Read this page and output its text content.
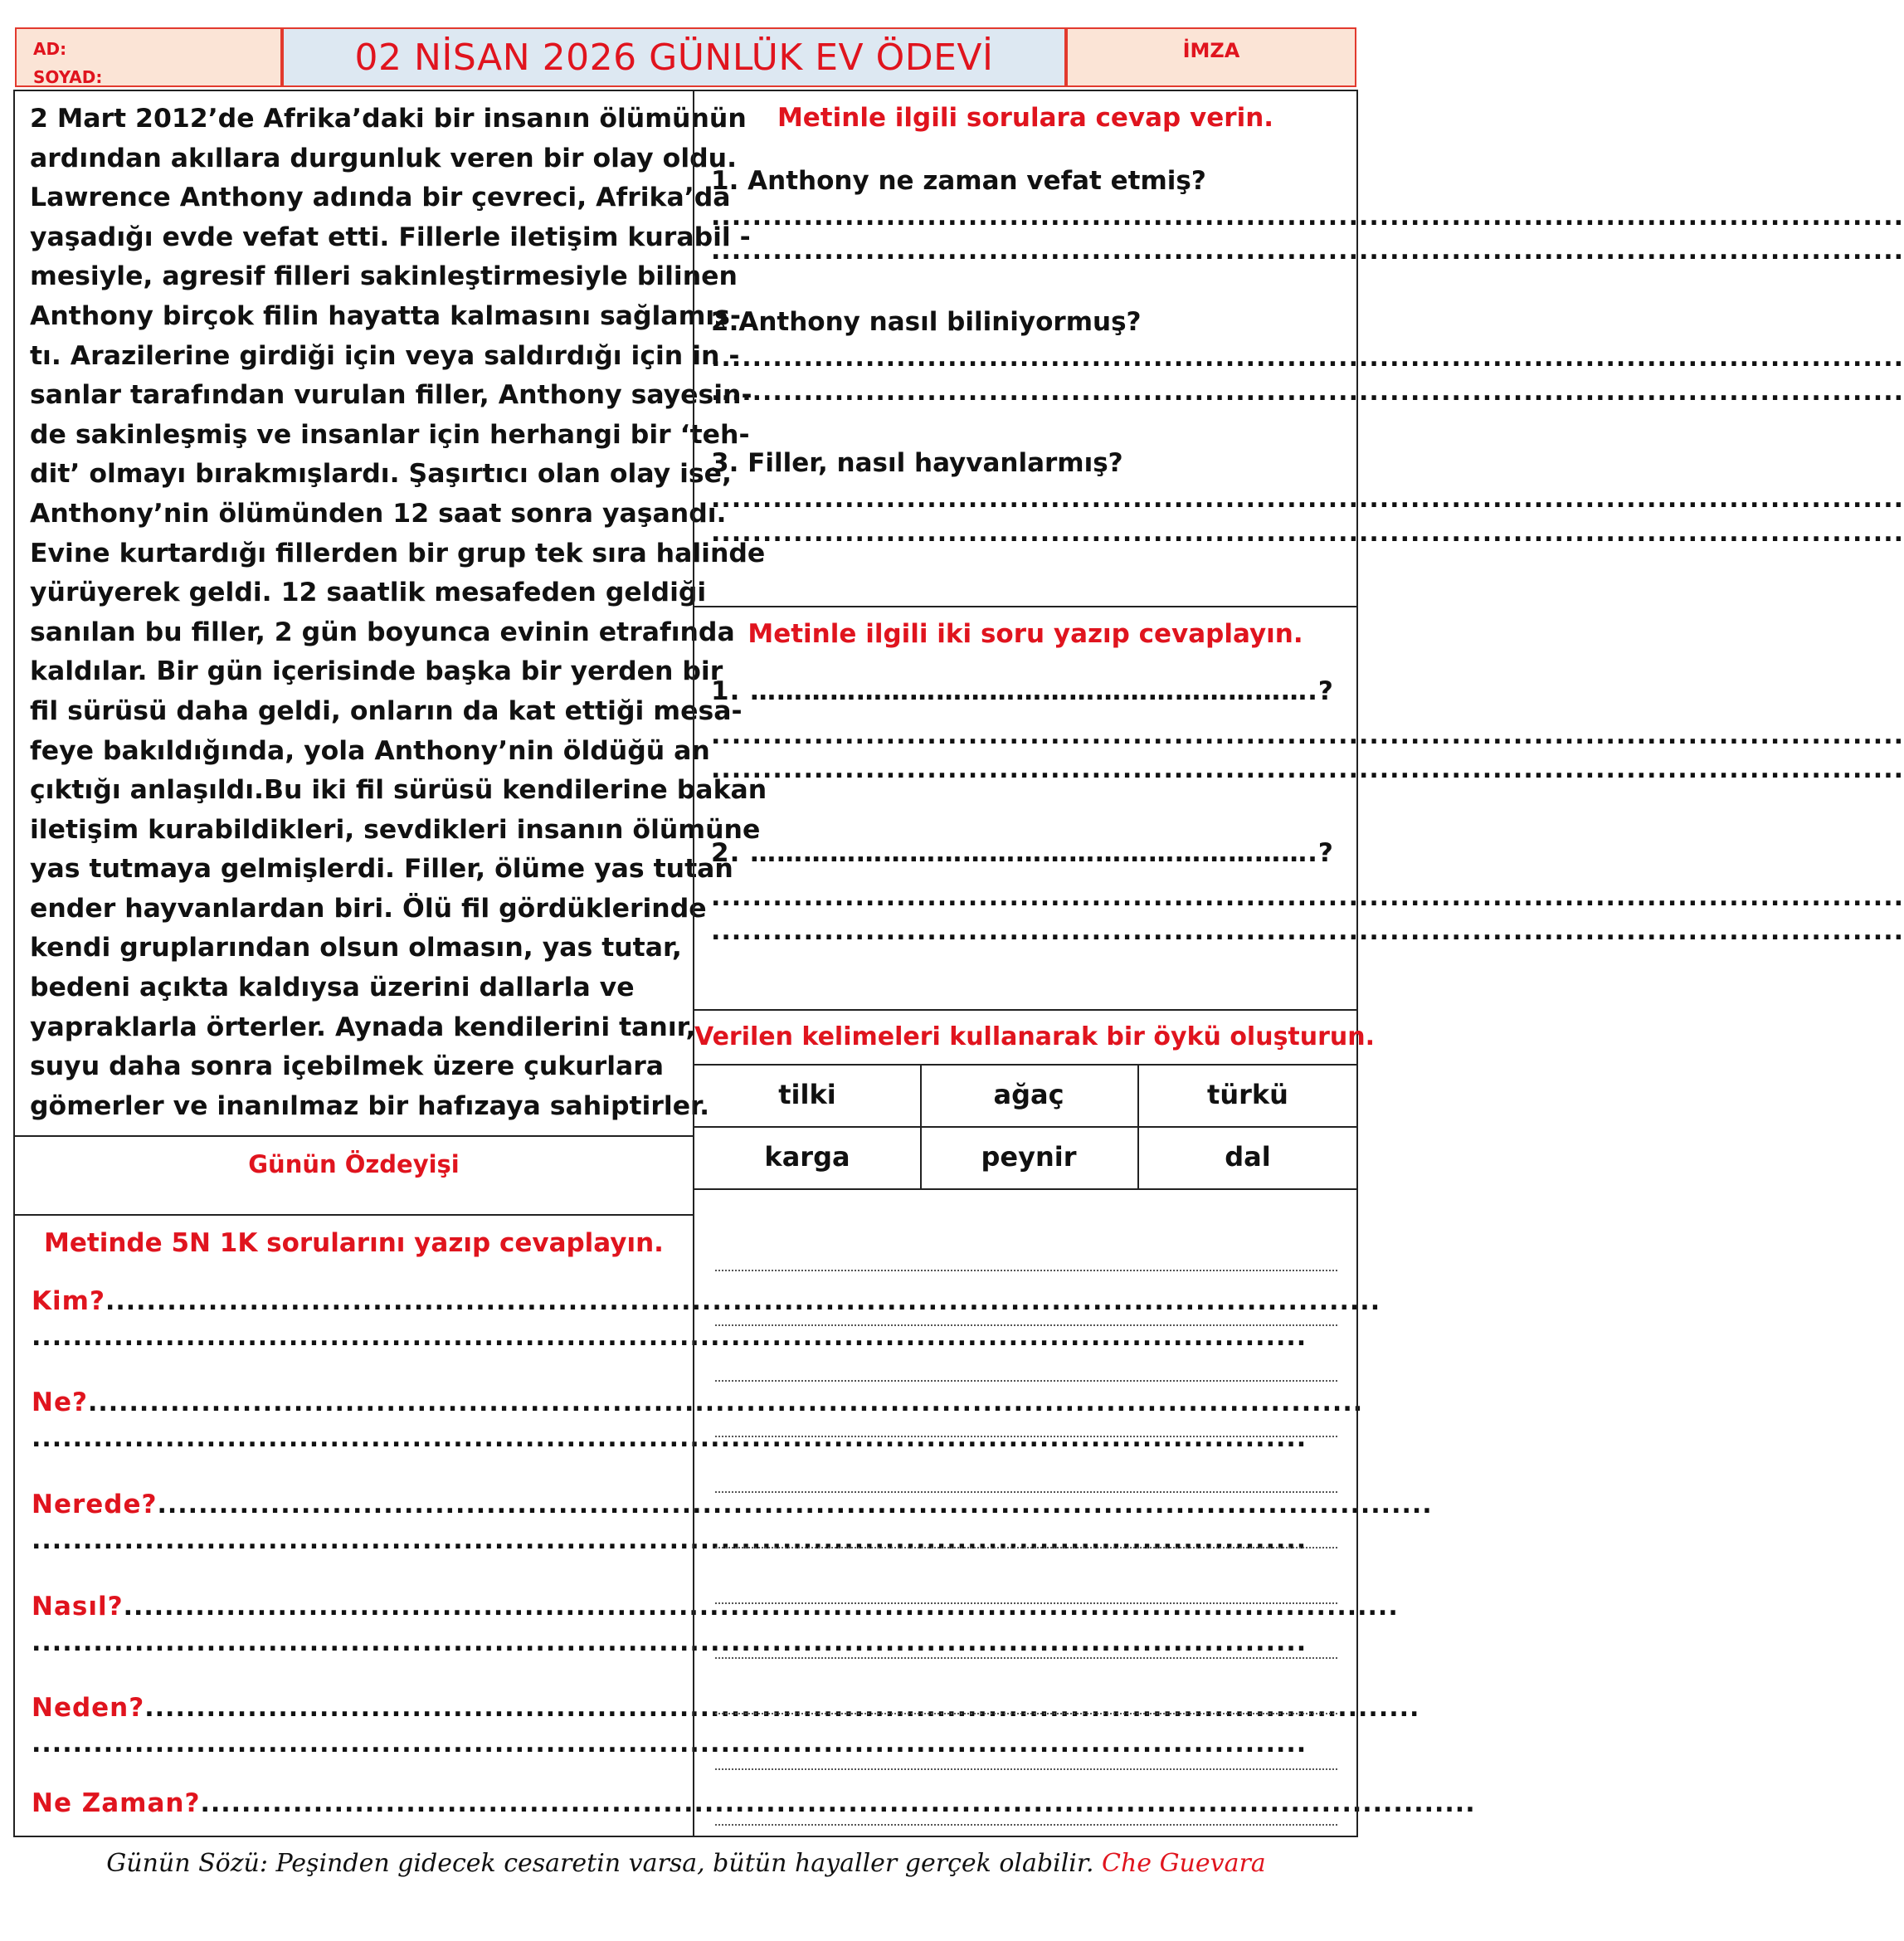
AD:
SOYAD:	02 NİSAN 2026 GÜNLÜK EV ÖDEVİ	İMZA

2 Mart 2012’de Afrika’daki bir insanın ölümünün

ardından akıllara durgunluk veren bir olay oldu.

Lawrence Anthony adında bir çevreci, Afrika’da

yaşadığı evde vefat etti. Fillerle iletişim kurabil -

mesiyle, agresif filleri sakinleştirmesiyle bilinen

Anthony birçok filin hayatta kalmasını sağlamış-

tı. Arazilerine girdiği için veya saldırdığı için in -

sanlar tarafından vurulan filler, Anthony sayesin-

de sakinleşmiş ve insanlar için herhangi bir ‘teh-

dit’ olmayı bırakmışlardı. Şaşırtıcı olan olay ise,

Anthony’nin ölümünden 12 saat sonra yaşandı.

Evine kurtardığı fillerden bir grup tek sıra halinde

yürüyerek geldi. 12 saatlik mesafeden geldiği

sanılan bu filler, 2 gün boyunca evinin etrafında

kaldılar. Bir gün içerisinde başka bir yerden bir

fil sürüsü daha geldi, onların da kat ettiği mesa-

feye bakıldığında, yola Anthony’nin öldüğü an

çıktığı anlaşıldı.Bu iki fil sürüsü kendilerine bakan

iletişim kurabildikleri, sevdikleri insanın ölümüne

yas tutmaya gelmişlerdi. Filler, ölüme yas tutan

ender hayvanlardan biri. Ölü fil gördüklerinde

kendi gruplarından olsun olmasın, yas tutar,

bedeni açıkta kaldıysa üzerini dallarla ve

yapraklarla örterler. Aynada kendilerini tanır,

suyu daha sonra içebilmek üzere çukurlara

gömerler ve inanılmaz bir hafızaya sahiptirler.

Günün Özdeyişi
Metinde 5N 1K sorularını yazıp cevaplayın.
Kim?............................................................................................................................
............................................................................................................................
Ne?............................................................................................................................
............................................................................................................................
Nerede?............................................................................................................................
............................................................................................................................
Nasıl?............................................................................................................................
............................................................................................................................
Neden?............................................................................................................................
............................................................................................................................
Ne Zaman?............................................................................................................................
Metinle ilgili sorulara cevap verin.
1. Anthony ne zaman vefat etmiş?
....................................................................................................................
....................................................................................................................
2.Anthony nasıl biliniyormuş?
....................................................................................................................
....................................................................................................................
3. Filler, nasıl hayvanlarmış?
....................................................................................................................
....................................................................................................................
Metinle ilgili iki soru yazıp cevaplayın.
1. ……………………………………………………….?
....................................................................................................................
....................................................................................................................
2. ……………………………………………………….?
....................................................................................................................
....................................................................................................................
Verilen kelimeleri kullanarak bir öykü oluşturun.
tilki	ağaç	türkü
karga	peynir	dal
Günün Sözü: Peşinden gidecek cesaretin varsa, bütün hayaller gerçek olabilir. Che Guevara
